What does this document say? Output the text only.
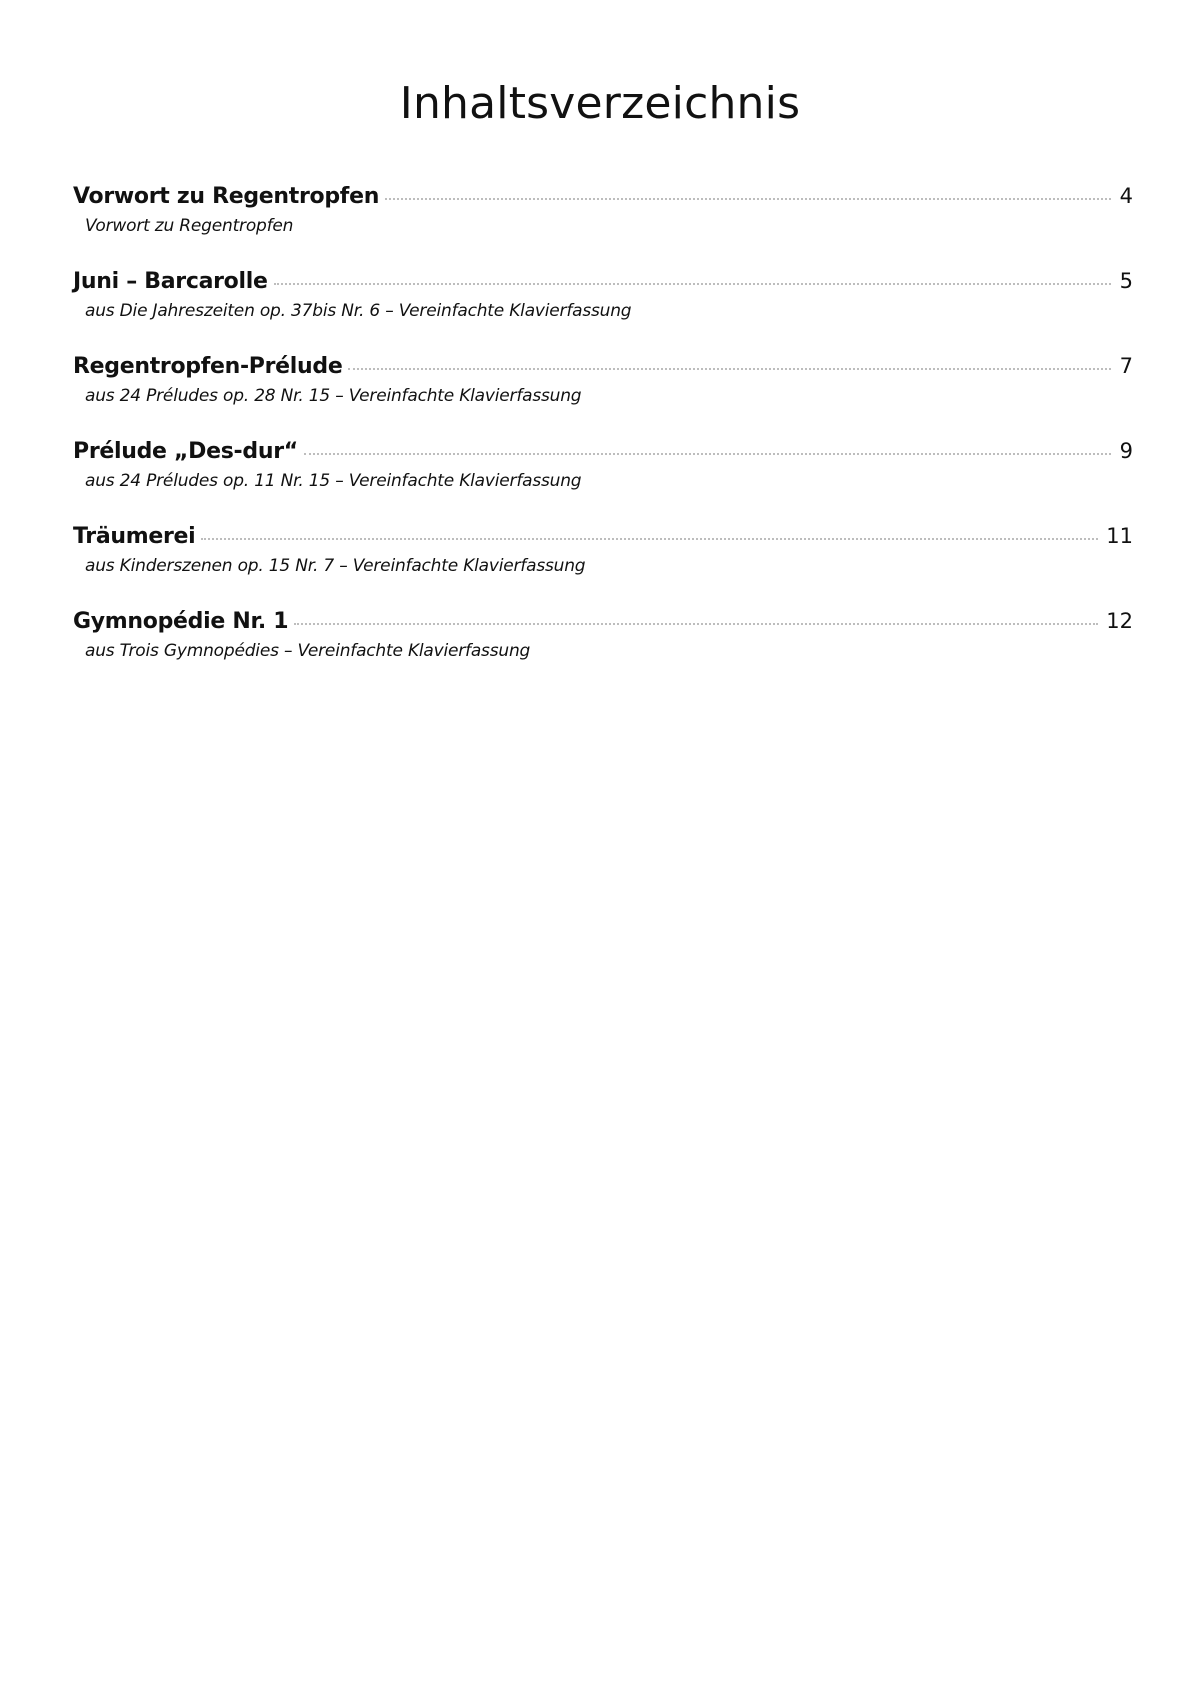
Inhaltsverzeichnis
Vorwort zu Regentropfen	4
Vorwort zu Regentropfen
Juni – Barcarolle	5
aus Die Jahreszeiten op. 37bis Nr. 6 – Vereinfachte Klavierfassung
Regentropfen-Prélude	7
aus 24 Préludes op. 28 Nr. 15 – Vereinfachte Klavierfassung
Prélude „Des-dur“	9
aus 24 Préludes op. 11 Nr. 15 – Vereinfachte Klavierfassung
Träumerei	11
aus Kinderszenen op. 15 Nr. 7 – Vereinfachte Klavierfassung
Gymnopédie Nr. 1	12
aus Trois Gymnopédies – Vereinfachte Klavierfassung
